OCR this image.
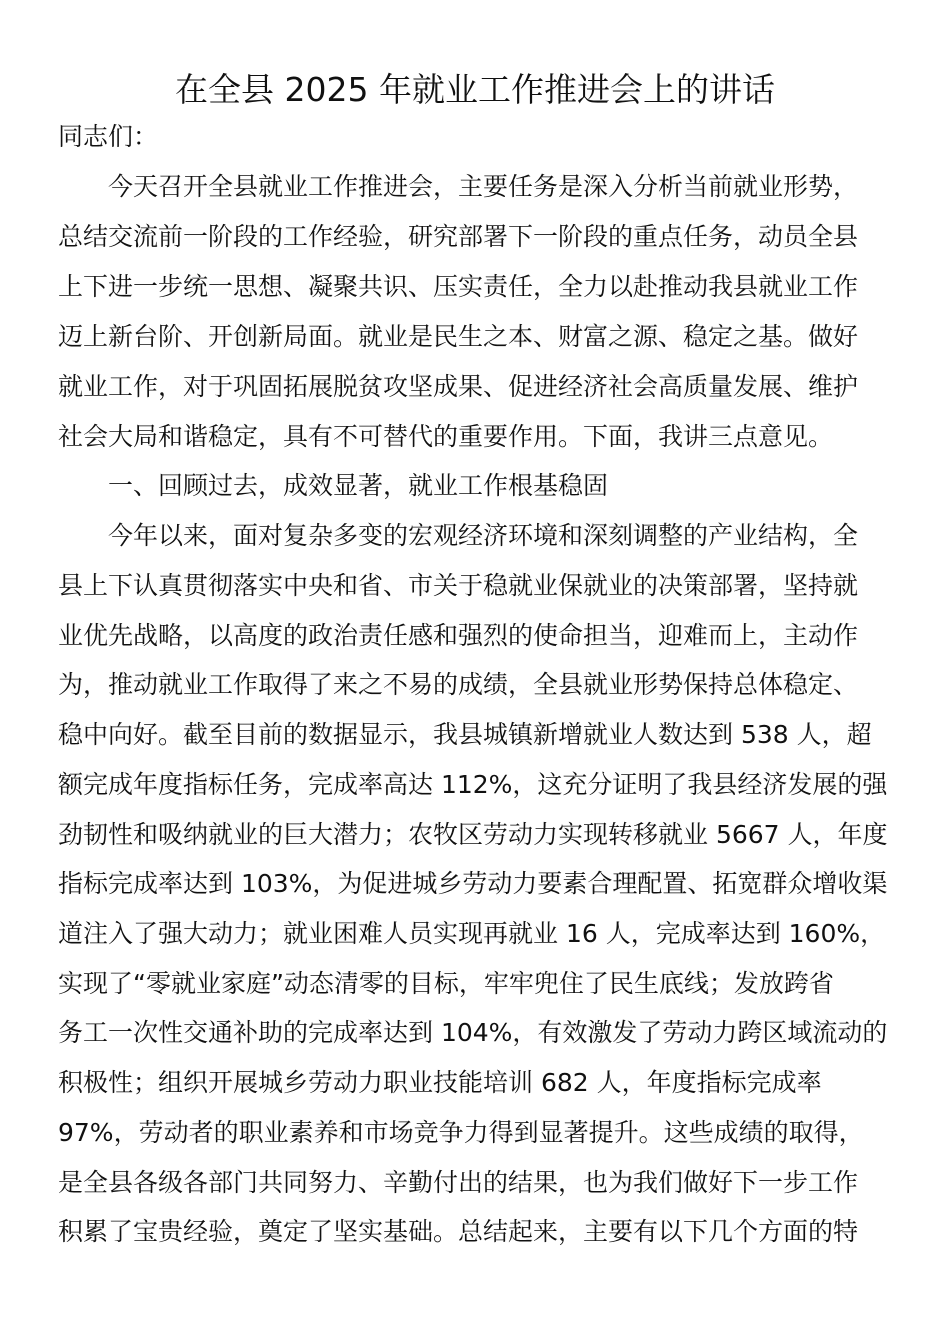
在全县 2025 年就业工作推进会上的讲话
同志们：
今天召开全县就业工作推进会，主要任务是深入分析当前就业形势，
总结交流前一阶段的工作经验，研究部署下一阶段的重点任务，动员全县
上下进一步统一思想、凝聚共识、压实责任，全力以赴推动我县就业工作
迈上新台阶、开创新局面。就业是民生之本、财富之源、稳定之基。做好
就业工作，对于巩固拓展脱贫攻坚成果、促进经济社会高质量发展、维护
社会大局和谐稳定，具有不可替代的重要作用。下面，我讲三点意见。
一、回顾过去，成效显著，就业工作根基稳固
今年以来，面对复杂多变的宏观经济环境和深刻调整的产业结构，全
县上下认真贯彻落实中央和省、市关于稳就业保就业的决策部署，坚持就
业优先战略，以高度的政治责任感和强烈的使命担当，迎难而上，主动作
为，推动就业工作取得了来之不易的成绩，全县就业形势保持总体稳定、
稳中向好。截至目前的数据显示，我县城镇新增就业人数达到 538 人，超
额完成年度指标任务，完成率高达 112%，这充分证明了我县经济发展的强
劲韧性和吸纳就业的巨大潜力；农牧区劳动力实现转移就业 5667 人，年度
指标完成率达到 103%，为促进城乡劳动力要素合理配置、拓宽群众增收渠
道注入了强大动力；就业困难人员实现再就业 16 人，完成率达到 160%，
实现了“零就业家庭”动态清零的目标，牢牢兜住了民生底线；发放跨省
务工一次性交通补助的完成率达到 104%，有效激发了劳动力跨区域流动的
积极性；组织开展城乡劳动力职业技能培训 682 人，年度指标完成率
97%，劳动者的职业素养和市场竞争力得到显著提升。这些成绩的取得，
是全县各级各部门共同努力、辛勤付出的结果，也为我们做好下一步工作
积累了宝贵经验，奠定了坚实基础。总结起来，主要有以下几个方面的特
